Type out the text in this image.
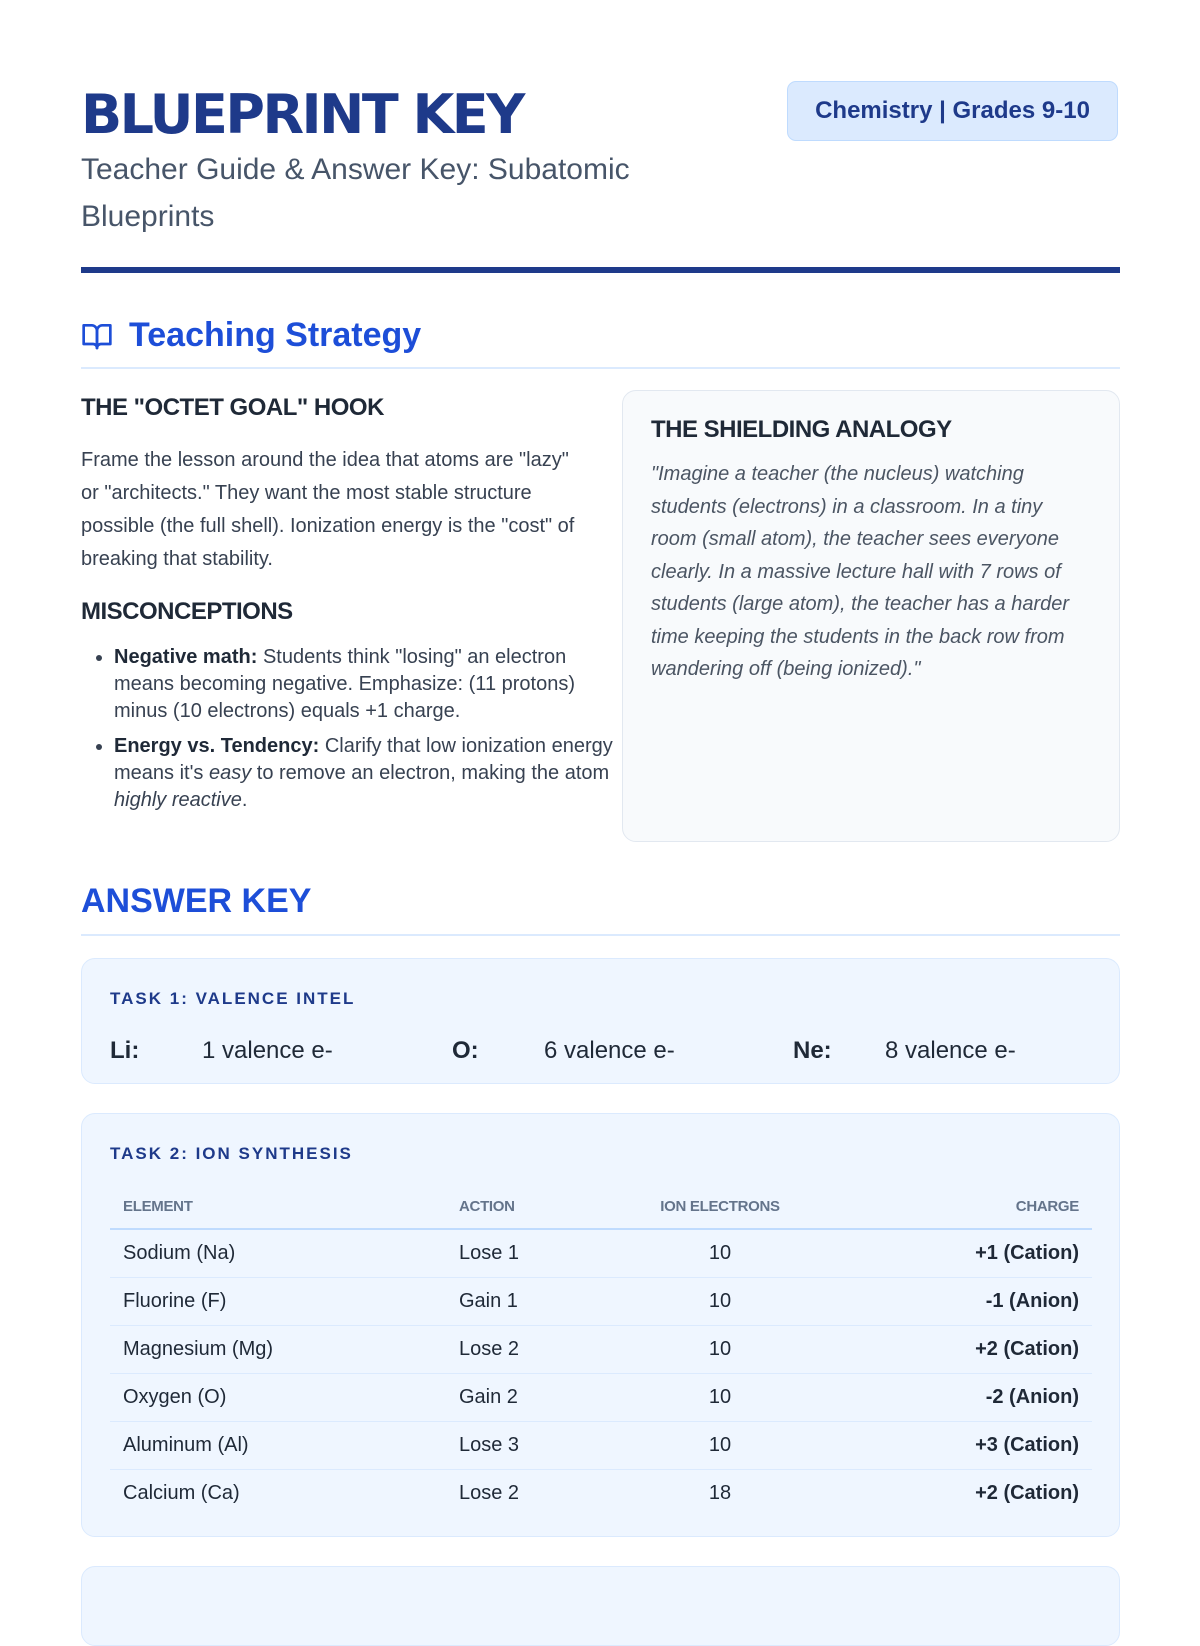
BLUEPRINT KEY
Teacher Guide & Answer Key: Subatomic Blueprints
Chemistry | Grades 9-10
Teaching Strategy
THE "OCTET GOAL" HOOK
Frame the lesson around the idea that atoms are "lazy" or "architects." They want the most stable structure possible (the full shell). Ionization energy is the "cost" of breaking that stability.
MISCONCEPTIONS
• Negative math: Students think "losing" an electron means becoming negative. Emphasize: (11 protons) minus (10 electrons) equals +1 charge.
• Energy vs. Tendency: Clarify that low ionization energy means it's easy to remove an electron, making the atom highly reactive.
THE SHIELDING ANALOGY
"Imagine a teacher (the nucleus) watching students (electrons) in a classroom. In a tiny room (small atom), the teacher sees everyone clearly. In a massive lecture hall with 7 rows of students (large atom), the teacher has a harder time keeping the students in the back row from wandering off (being ionized)."
ANSWER KEY
TASK 1: VALENCE INTEL
Li:	1 valence e-	O:	6 valence e-	Ne: 8 valence e-
TASK 2: ION SYNTHESIS
ELEMENT	ACTION	ION ELECTRONS	CHARGE
Sodium (Na)	Lose 1	10	+1 (Cation)
Fluorine (F)	Gain 1	10	-1 (Anion)
Magnesium (Mg)	Lose 2	10	+2 (Cation)
Oxygen (O)	Gain 2	10	-2 (Anion)
Aluminum (Al)	Lose 3	10	+3 (Cation)
Calcium (Ca)	Lose 2	18	+2 (Cation)
